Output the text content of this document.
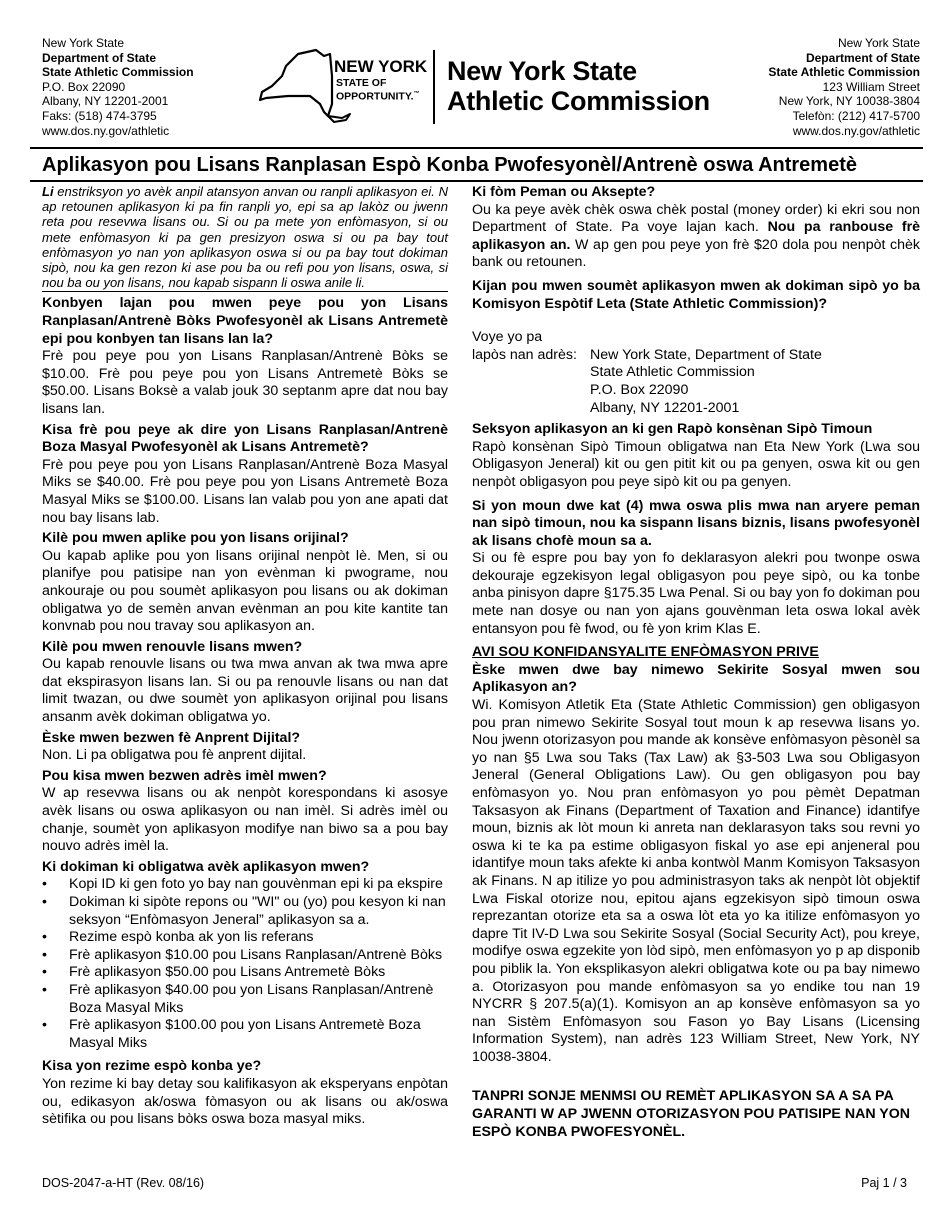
New York State
Department of State
State Athletic Commission
P.O. Box 22090
Albany, NY 12201-2001
Faks: (518) 474-3795
www.dos.ny.gov/athletic
NEW YORK
STATE OF
OPPORTUNITY.™
New York State
Athletic Commission
New York State
Department of State
State Athletic Commission
123 William Street
New York, NY 10038-3804
Telefòn: (212) 417-5700
www.dos.ny.gov/athletic
Aplikasyon pou Lisans Ranplasan Espò Konba Pwofesyonèl/Antrenè oswa Antremetè

Li enstriksyon yo avèk anpil atansyon anvan ou ranpli aplikasyon ei. N ap retounen aplikasyon ki pa fin ranpli yo, epi sa ap lakòz ou jwenn reta pou resevwa lisans ou. Si ou pa mete yon enfòmasyon, si ou mete enfòmasyon ki pa gen presizyon oswa si ou pa bay tout enfòmasyon yo nan yon aplikasyon oswa si ou pa bay tout dokiman sipò, nou ka gen rezon ki ase pou ba ou refi pou yon lisans, oswa, si nou ba ou yon lisans, nou kapab sispann li oswa anile li.

Konbyen lajan pou mwen peye pou yon Lisans Ranplasan/Antrenè Bòks Pwofesyonèl ak Lisans Antremetè epi pou konbyen tan lisans lan la?

Frè pou peye pou yon Lisans Ranplasan/Antrenè Bòks se $10.00. Frè pou peye pou yon Lisans Antremetè Bòks se $50.00. Lisans Boksè a valab jouk 30 septanm apre dat nou bay lisans lan.

Kisa frè pou peye ak dire yon Lisans Ranplasan/Antrenè Boza Masyal Pwofesyonèl ak Lisans Antremetè?

Frè pou peye pou yon Lisans Ranplasan/Antrenè Boza Masyal Miks se $40.00. Frè pou peye pou yon Lisans Antremetè Boza Masyal Miks se $100.00. Lisans lan valab pou yon ane apati dat nou bay lisans lab.

Kilè pou mwen aplike pou yon lisans orijinal?

Ou kapab aplike pou yon lisans orijinal nenpòt lè. Men, si ou planifye pou patisipe nan yon evènman ki pwograme, nou ankouraje ou pou soumèt aplikasyon pou lisans ou ak dokiman obligatwa yo de semèn anvan evènman an pou kite kantite tan konvnab pou nou travay sou aplikasyon an.

Kilè pou mwen renouvle lisans mwen?

Ou kapab renouvle lisans ou twa mwa anvan ak twa mwa apre dat ekspirasyon lisans lan. Si ou pa renouvle lisans ou nan dat limit twazan, ou dwe soumèt yon aplikasyon orijinal pou lisans ansanm avèk dokiman obligatwa yo.

Èske mwen bezwen fè Anprent Dijital?

Non. Li pa obligatwa pou fè anprent dijital.

Pou kisa mwen bezwen adrès imèl mwen?

W ap resevwa lisans ou ak nenpòt korespondans ki asosye avèk lisans ou oswa aplikasyon ou nan imèl. Si adrès imèl ou chanje, soumèt yon aplikasyon modifye nan biwo sa a pou bay nouvo adrès imèl la.

Ki dokiman ki obligatwa avèk aplikasyon mwen?

• Kopi ID ki gen foto yo bay nan gouvènman epi ki pa ekspire
• Dokiman ki sipòte repons ou "WI" ou (yo) pou kesyon ki nan seksyon “Enfòmasyon Jeneral” aplikasyon sa a.
• Rezime espò konba ak yon lis referans
• Frè aplikasyon $10.00 pou Lisans Ranplasan/Antrenè Bòks
• Frè aplikasyon $50.00 pou Lisans Antremetè Bòks
• Frè aplikasyon $40.00 pou yon Lisans Ranplasan/Antrenè Boza Masyal Miks
• Frè aplikasyon $100.00 pou yon Lisans Antremetè Boza Masyal Miks

Kisa yon rezime espò konba ye?

Yon rezime ki bay detay sou kalifikasyon ak eksperyans enpòtan ou, edikasyon ak/oswa fòmasyon ou ak lisans ou ak/oswa sètifika ou pou lisans bòks oswa boza masyal miks.

Ki fòm Peman ou Aksepte?

Ou ka peye avèk chèk oswa chèk postal (money order) ki ekri sou non Department of State. Pa voye lajan kach. Nou pa ranbouse frè aplikasyon an. W ap gen pou peye yon frè $20 dola pou nenpòt chèk bank ou retounen.

Kijan pou mwen soumèt aplikasyon mwen ak dokiman sipò yo ba Komisyon Espòtif Leta (State Athletic Commission)?

Voye yo pa
lapòs nan adrès: New York State, Department of State
State Athletic Commission
P.O. Box 22090
Albany, NY 12201-2001

Seksyon aplikasyon an ki gen Rapò konsènan Sipò Timoun

Rapò konsènan Sipò Timoun obligatwa nan Eta New York (Lwa sou Obligasyon Jeneral) kit ou gen pitit kit ou pa genyen, oswa kit ou gen nenpòt obligasyon pou peye sipò kit ou pa genyen.

Si yon moun dwe kat (4) mwa oswa plis mwa nan aryere peman nan sipò timoun, nou ka sispann lisans biznis, lisans pwofesyonèl ak lisans chofè moun sa a.

Si ou fè espre pou bay yon fo deklarasyon alekri pou twonpe oswa dekouraje egzekisyon legal obligasyon pou peye sipò, ou ka tonbe anba pinisyon dapre §175.35 Lwa Penal. Si ou bay yon fo dokiman pou mete nan dosye ou nan yon ajans gouvènman leta oswa lokal avèk entansyon pou fè fwod, ou fè yon krim Klas E.

AVI SOU KONFIDANSYALITE ENFÒMASYON PRIVE

Èske mwen dwe bay nimewo Sekirite Sosyal mwen sou Aplikasyon an?

Wi. Komisyon Atletik Eta (State Athletic Commission) gen obligasyon pou pran nimewo Sekirite Sosyal tout moun k ap resevwa lisans yo. Nou jwenn otorizasyon pou mande ak konsève enfòmasyon pèsonèl sa yo nan §5 Lwa sou Taks (Tax Law) ak §3-503 Lwa sou Obligasyon Jeneral (General Obligations Law). Ou gen obligasyon pou bay enfòmasyon yo. Nou pran enfòmasyon yo pou pèmèt Depatman Taksasyon ak Finans (Department of Taxation and Finance) idantifye moun, biznis ak lòt moun ki anreta nan deklarasyon taks sou revni yo oswa ki te ka pa estime obligasyon fiskal yo ase epi anjeneral pou idantifye moun taks afekte ki anba kontwòl Manm Komisyon Taksasyon ak Finans. N ap itilize yo pou administrasyon taks ak nenpòt lòt objektif Lwa Fiskal otorize nou, epitou ajans egzekisyon sipò timoun oswa reprezantan otorize eta sa a oswa lòt eta yo ka itilize enfòmasyon yo dapre Tit IV-D Lwa sou Sekirite Sosyal (Social Security Act), pou kreye, modifye oswa egzekite yon lòd sipò, men enfòmasyon yo p ap disponib pou piblik la. Yon eksplikasyon alekri obligatwa kote ou pa bay nimewo a. Otorizasyon pou mande enfòmasyon sa yo endike tou nan 19 NYCRR § 207.5(a)(1). Komisyon an ap konsève enfòmasyon sa yo nan Sistèm Enfòmasyon sou Fason yo Bay Lisans (Licensing Information System), nan adrès 123 William Street, New York, NY 10038-3804.

TANPRI SONJE MENMSI OU REMÈT APLIKASYON SA A SA PA GARANTI W AP JWENN OTORIZASYON POU PATISIPE NAN YON ESPÒ KONBA PWOFESYONÈL.

DOS-2047-a-HT (Rev. 08/16)	Paj 1 / 3
